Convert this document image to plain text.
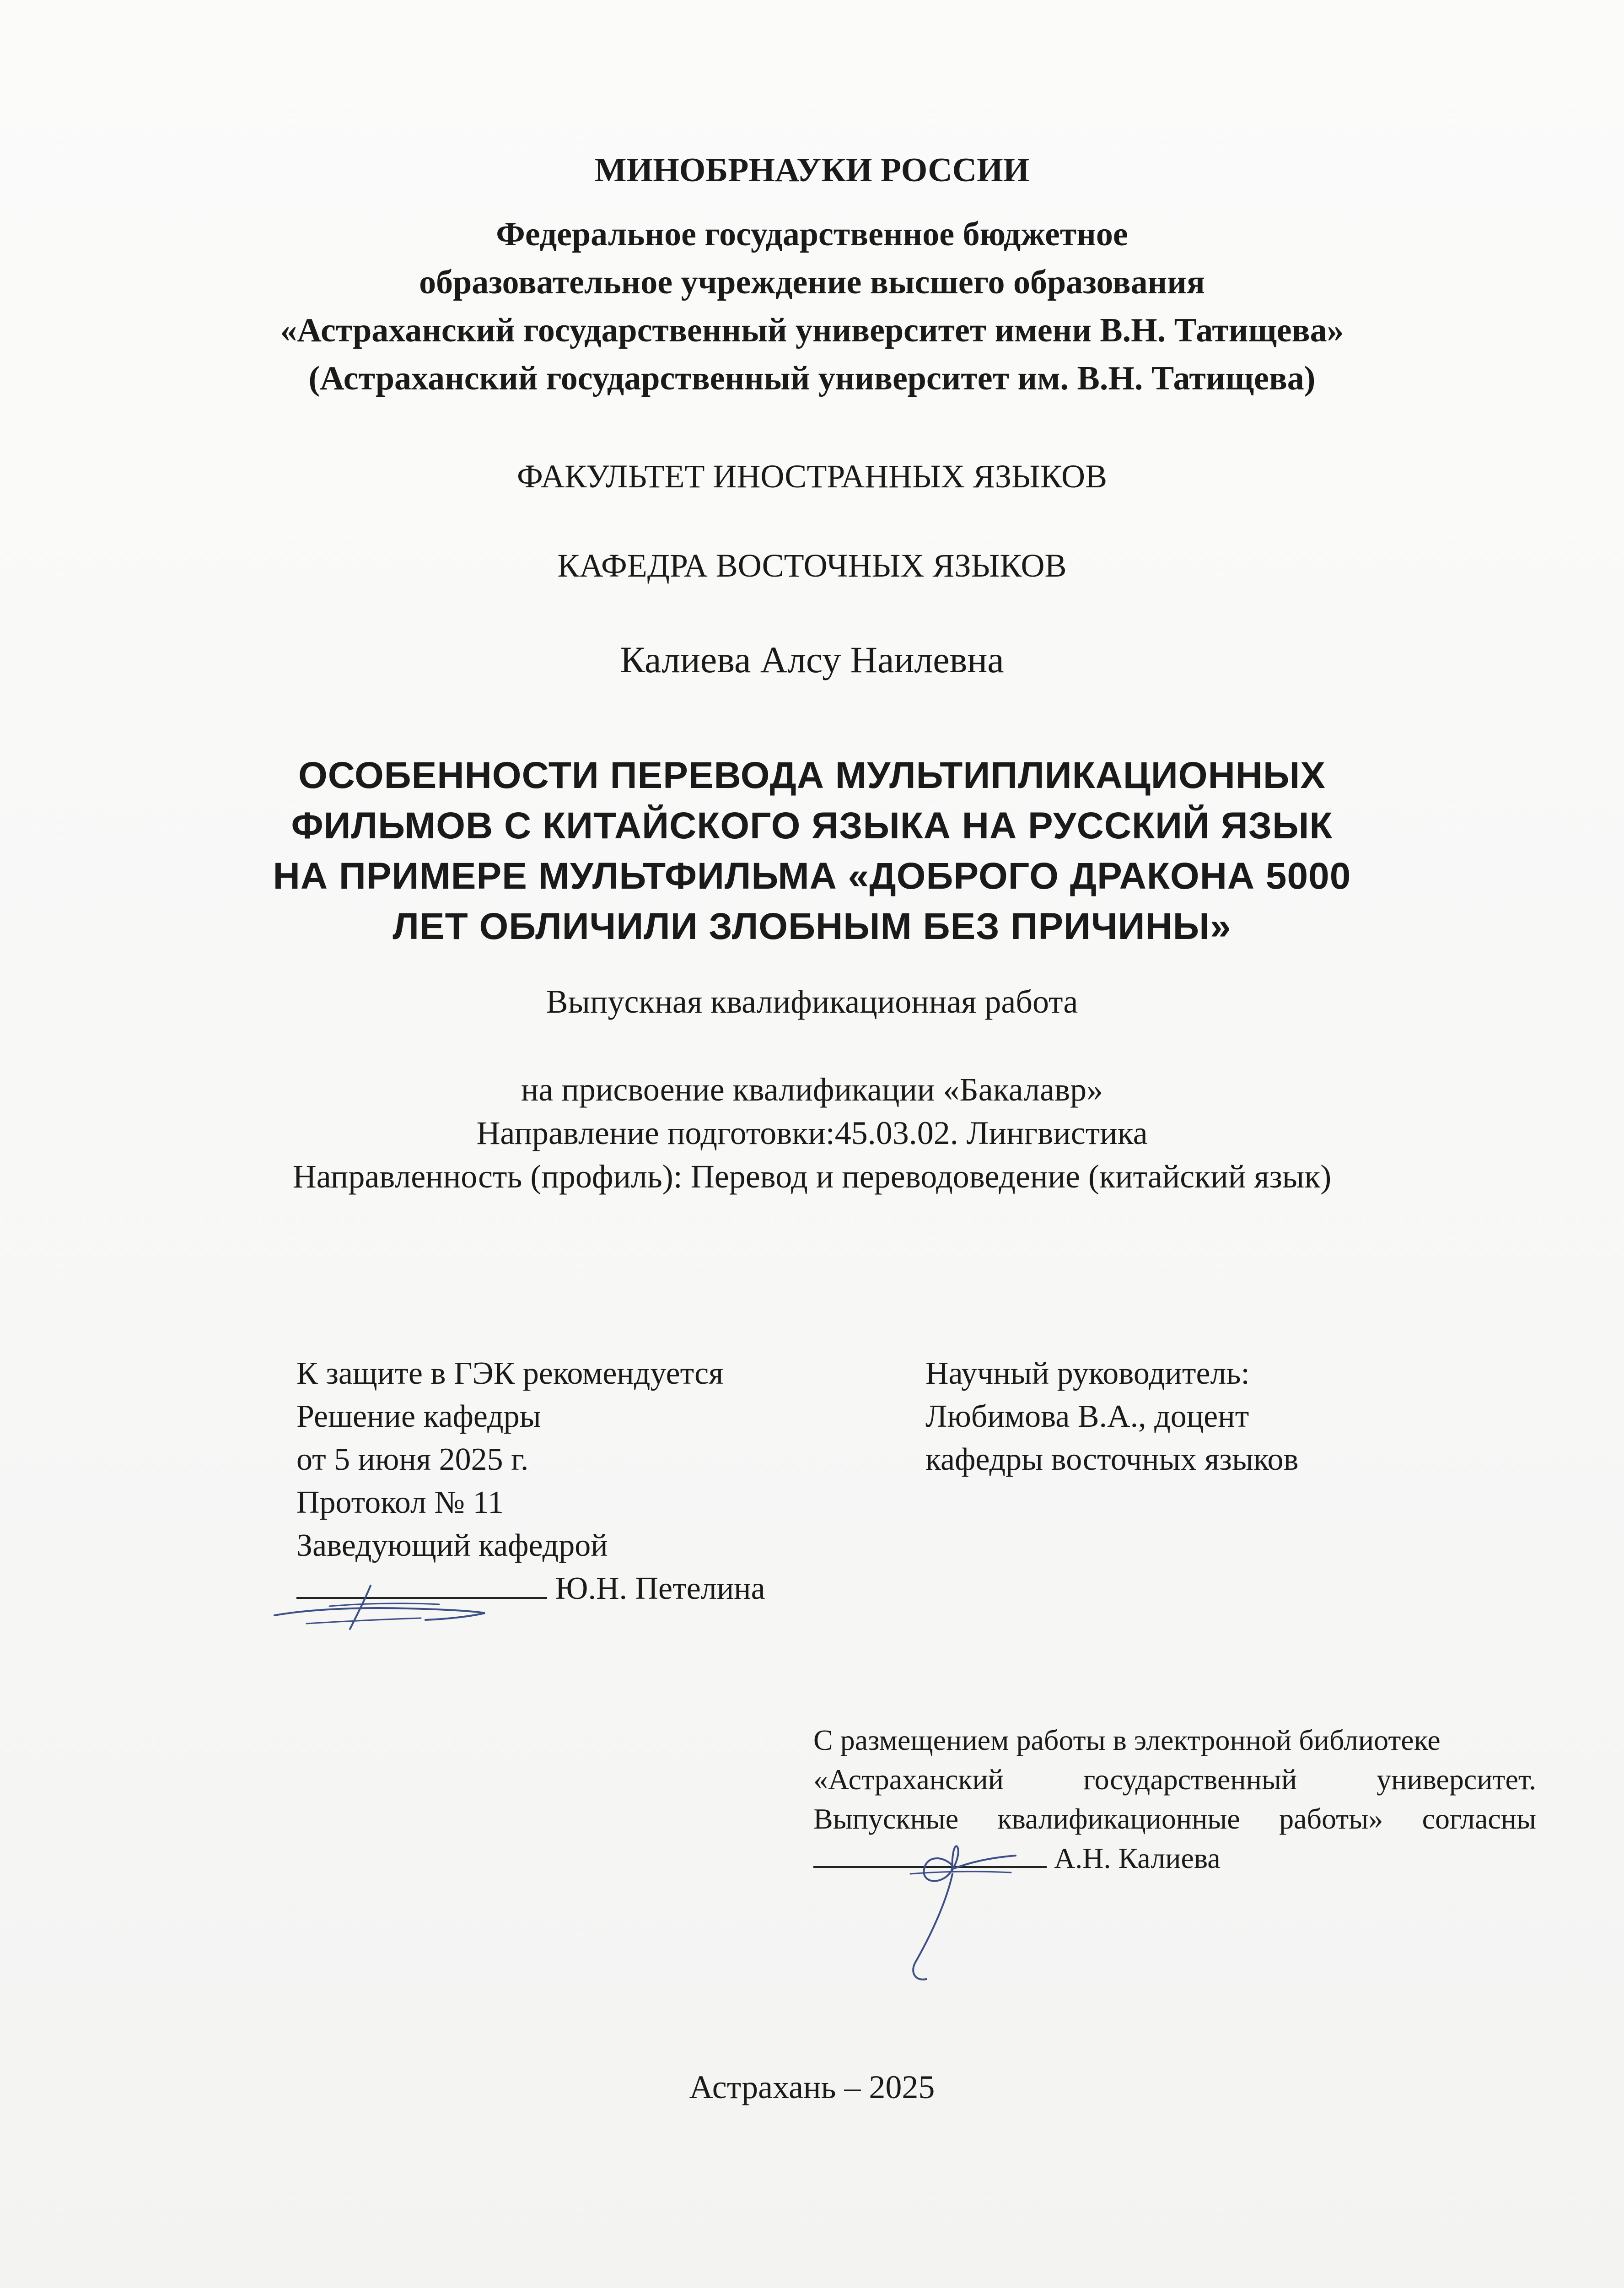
МИНОБРНАУКИ РОССИИ
Федеральное государственное бюджетное
образовательное учреждение высшего образования
«Астраханский государственный университет имени В.Н. Татищева»
(Астраханский государственный университет им. В.Н. Татищева)
ФАКУЛЬТЕТ ИНОСТРАННЫХ ЯЗЫКОВ
КАФЕДРА ВОСТОЧНЫХ ЯЗЫКОВ
Калиева Алсу Наилевна
ОСОБЕННОСТИ ПЕРЕВОДА МУЛЬТИПЛИКАЦИОННЫХ
ФИЛЬМОВ С КИТАЙСКОГО ЯЗЫКА НА РУССКИЙ ЯЗЫК
НА ПРИМЕРЕ МУЛЬТФИЛЬМА «ДОБРОГО ДРАКОНА 5000
ЛЕТ ОБЛИЧИЛИ ЗЛОБНЫМ БЕЗ ПРИЧИНЫ»
Выпускная квалификационная работа
на присвоение квалификации «Бакалавр»
Направление подготовки:45.03.02. Лингвистика
Направленность (профиль): Перевод и переводоведение (китайский язык)
К защите в ГЭК рекомендуется
Решение кафедры
от 5 июня 2025 г.
Протокол № 11
Заведующий кафедрой
Ю.Н. Петелина
Научный руководитель:
Любимова В.А., доцент
кафедры восточных языков
С размещением работы в электронной библиотеке
«Астраханский государственный университет.
Выпускные квалификационные работы» согласны
А.Н. Калиева
Астрахань – 2025
